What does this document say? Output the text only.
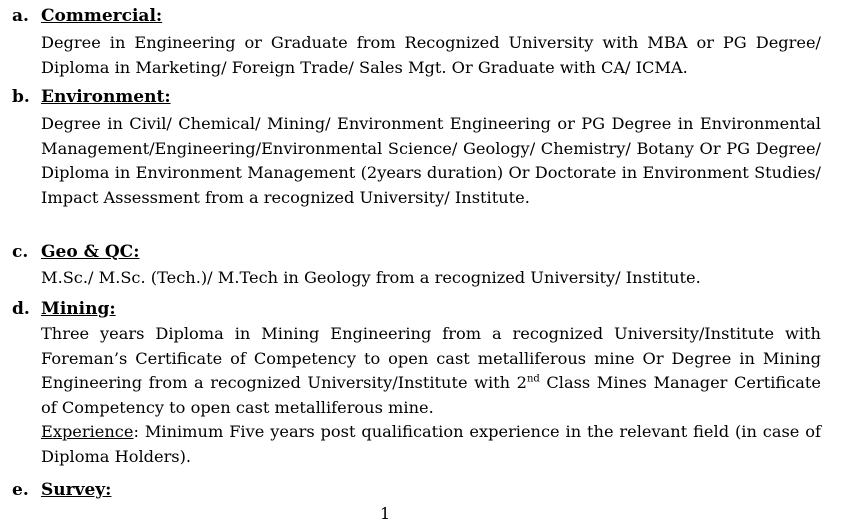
a. Commercial:
Degree in Engineering or Graduate from Recognized University with MBA or PG Degree/ Diploma in Marketing/ Foreign Trade/ Sales Mgt. Or Graduate with CA/ ICMA.
b. Environment:
Degree in Civil/ Chemical/ Mining/ Environment Engineering or PG Degree in Environmental Management/Engineering/Environmental Science/ Geology/ Chemistry/ Botany Or PG Degree/ Diploma in Environment Management (2years duration) Or Doctorate in Environment Studies/ Impact Assessment from a recognized University/ Institute.
c. Geo & QC:
M.Sc./ M.Sc. (Tech.)/ M.Tech in Geology from a recognized University/ Institute.
d. Mining:
Three years Diploma in Mining Engineering from a recognized University/Institute with Foreman’s Certificate of Competency to open cast metalliferous mine Or Degree in Mining Engineering from a recognized University/Institute with 2nd Class Mines Manager Certificate of Competency to open cast metalliferous mine.
Experience: Minimum Five years post qualification experience in the relevant field (in case of Diploma Holders).
e. Survey:
1
